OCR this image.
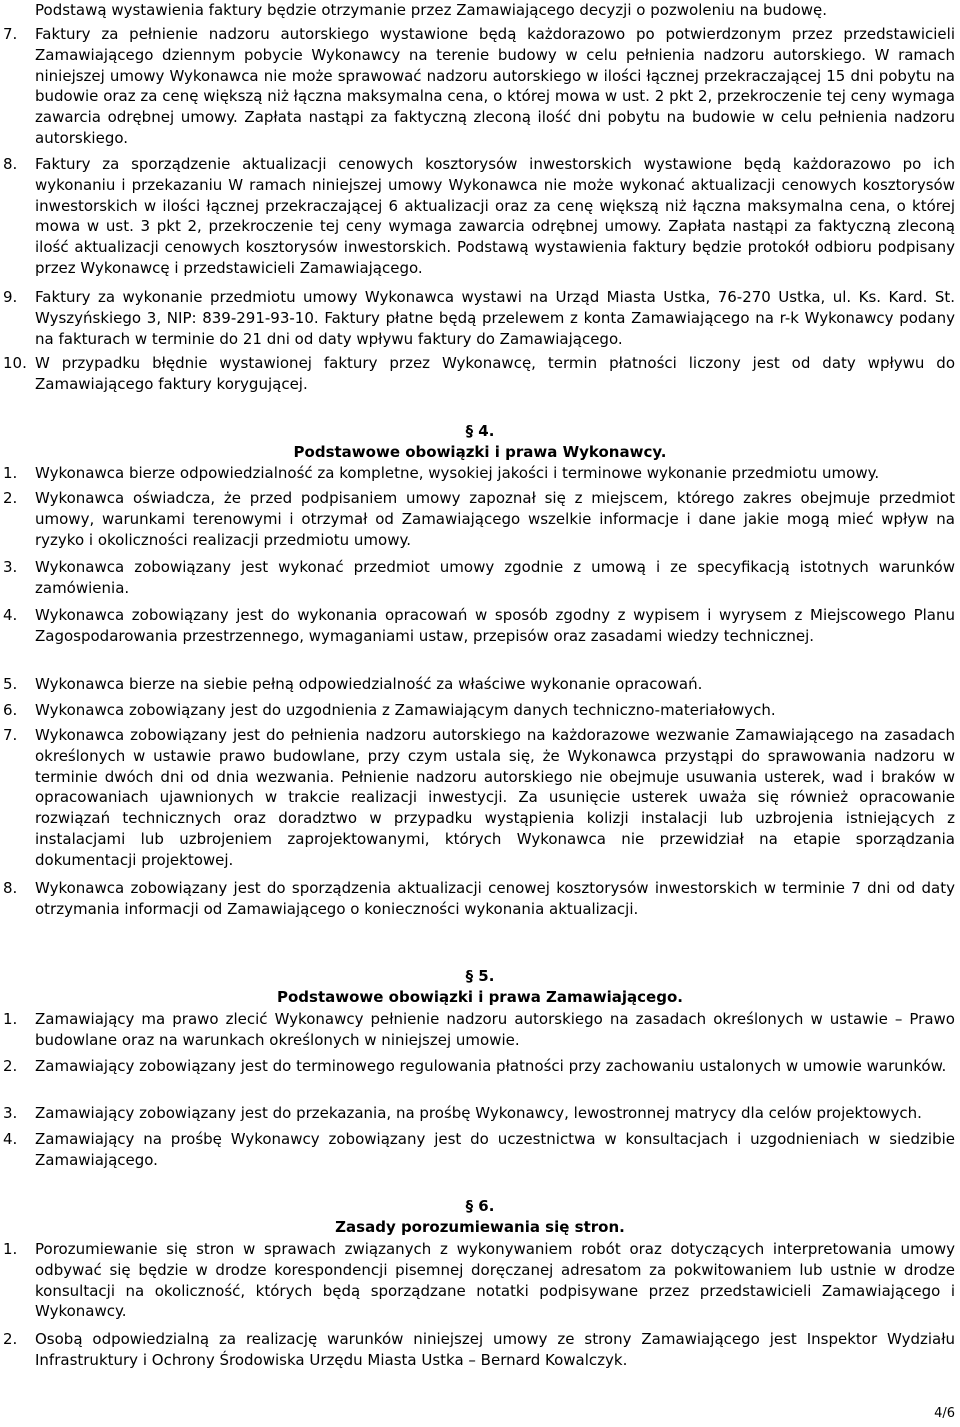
Podstawą wystawienia faktury będzie otrzymanie przez Zamawiającego decyzji o pozwoleniu na budowę.
7.	Faktury za pełnienie nadzoru autorskiego wystawione będą każdorazowo po potwierdzonym przez przedstawicieli Zamawiającego dziennym pobycie Wykonawcy na terenie budowy w celu pełnienia nadzoru autorskiego. W ramach niniejszej umowy Wykonawca nie może sprawować nadzoru autorskiego w ilości łącznej przekraczającej 15 dni pobytu na budowie oraz za cenę większą niż łączna maksymalna cena, o której mowa w ust. 2 pkt 2, przekroczenie tej ceny wymaga zawarcia odrębnej umowy. Zapłata nastąpi za faktyczną zleconą ilość dni pobytu na budowie w celu pełnienia nadzoru autorskiego.
8.	Faktury za sporządzenie aktualizacji cenowych kosztorysów inwestorskich wystawione będą każdorazowo po ich wykonaniu i przekazaniu W ramach niniejszej umowy Wykonawca nie może wykonać aktualizacji cenowych kosztorysów inwestorskich w ilości łącznej przekraczającej 6 aktualizacji oraz za cenę większą niż łączna maksymalna cena, o której mowa w ust. 3 pkt 2, przekroczenie tej ceny wymaga zawarcia odrębnej umowy. Zapłata nastąpi za faktyczną zleconą ilość aktualizacji cenowych kosztorysów inwestorskich. Podstawą wystawienia faktury będzie protokół odbioru podpisany przez Wykonawcę i przedstawicieli Zamawiającego.
9.	Faktury za wykonanie przedmiotu umowy Wykonawca wystawi na Urząd Miasta Ustka, 76-270 Ustka, ul. Ks. Kard. St. Wyszyńskiego 3, NIP: 839-291-93-10. Faktury płatne będą przelewem z konta Zamawiającego na r-k Wykonawcy podany na fakturach w terminie do 21 dni od daty wpływu faktury do Zamawiającego.
10. W przypadku błędnie wystawionej faktury przez Wykonawcę, termin płatności liczony jest od daty wpływu do Zamawiającego faktury korygującej.
§ 4.
Podstawowe obowiązki i prawa Wykonawcy.
1.	Wykonawca bierze odpowiedzialność za kompletne, wysokiej jakości i terminowe wykonanie przedmiotu umowy.
2.	Wykonawca oświadcza, że przed podpisaniem umowy zapoznał się z miejscem, którego zakres obejmuje przedmiot umowy, warunkami terenowymi i otrzymał od Zamawiającego wszelkie informacje i dane jakie mogą mieć wpływ na ryzyko i okoliczności realizacji przedmiotu umowy.
3.	Wykonawca zobowiązany jest wykonać przedmiot umowy zgodnie z umową i ze specyfikacją istotnych warunków zamówienia.
4.	Wykonawca zobowiązany jest do wykonania opracowań w sposób zgodny z wypisem i wyrysem z Miejscowego Planu Zagospodarowania przestrzennego, wymaganiami ustaw, przepisów oraz zasadami wiedzy technicznej.
5.	Wykonawca bierze na siebie pełną odpowiedzialność za właściwe wykonanie opracowań.
6.	Wykonawca zobowiązany jest do uzgodnienia z Zamawiającym danych techniczno-materiałowych.
7.	Wykonawca zobowiązany jest do pełnienia nadzoru autorskiego na każdorazowe wezwanie Zamawiającego na zasadach określonych w ustawie prawo budowlane, przy czym ustala się, że Wykonawca przystąpi do sprawowania nadzoru w terminie dwóch dni od dnia wezwania. Pełnienie nadzoru autorskiego nie obejmuje usuwania usterek, wad i braków w opracowaniach ujawnionych w trakcie realizacji inwestycji. Za usunięcie usterek uważa się również opracowanie rozwiązań technicznych oraz doradztwo w przypadku wystąpienia kolizji instalacji lub uzbrojenia istniejących z instalacjami lub uzbrojeniem zaprojektowanymi, których Wykonawca nie przewidział na etapie sporządzania dokumentacji projektowej.
8.	Wykonawca zobowiązany jest do sporządzenia aktualizacji cenowej kosztorysów inwestorskich w terminie 7 dni od daty otrzymania informacji od Zamawiającego o konieczności wykonania aktualizacji.
§ 5.
Podstawowe obowiązki i prawa Zamawiającego.
1.	Zamawiający ma prawo zlecić Wykonawcy pełnienie nadzoru autorskiego na zasadach określonych w ustawie – Prawo budowlane oraz na warunkach określonych w niniejszej umowie.
2.	Zamawiający zobowiązany jest do terminowego regulowania płatności przy zachowaniu ustalonych w umowie warunków.
3.	Zamawiający zobowiązany jest do przekazania, na prośbę Wykonawcy, lewostronnej matrycy dla celów projektowych.
4.	Zamawiający na prośbę Wykonawcy zobowiązany jest do uczestnictwa w konsultacjach i uzgodnieniach w siedzibie Zamawiającego.
§ 6.
Zasady porozumiewania się stron.
1.	Porozumiewanie się stron w sprawach związanych z wykonywaniem robót oraz dotyczących interpretowania umowy odbywać się będzie w drodze korespondencji pisemnej doręczanej adresatom za pokwitowaniem lub ustnie w drodze konsultacji na okoliczność, których będą sporządzane notatki podpisywane przez przedstawicieli Zamawiającego i Wykonawcy.
2.	Osobą odpowiedzialną za realizację warunków niniejszej umowy ze strony Zamawiającego jest Inspektor Wydziału Infrastruktury i Ochrony Środowiska Urzędu Miasta Ustka – Bernard Kowalczyk.
4/6
